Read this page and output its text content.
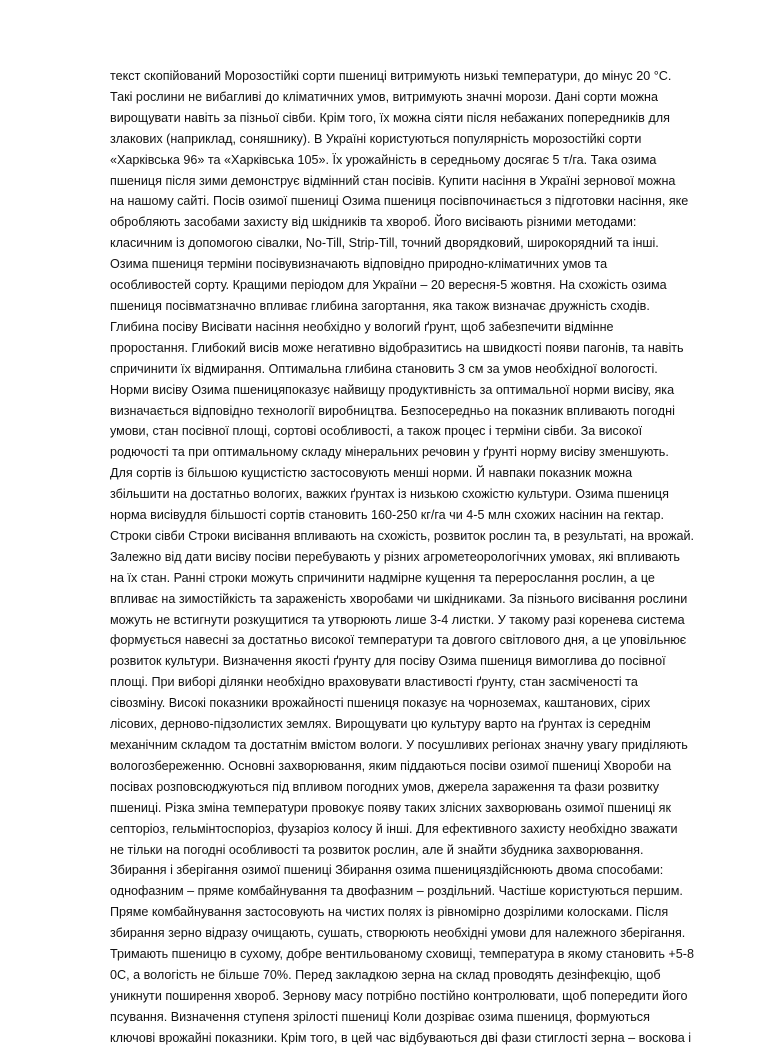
текст скопійований Морозостійкі сорти пшениці витримують низькі температури, до мінус 20 °С.
Такі рослини не вибагливі до кліматичних умов, витримують значні морози. Дані сорти можна
вирощувати навіть за пізньої сівби. Крім того, їх можна сіяти після небажаних попередників для
злакових (наприклад, соняшнику). В Україні користуються популярність морозостійкі сорти
«Харківська 96» та «Харківська 105». Їх урожайність в середньому досягає 5 т/га. Така озима
пшениця після зими демонструє відмінний стан посівів. Купити насіння в Україні зернової можна
на нашому сайті. Посів озимої пшениці Озима пшениця посівпочинається з підготовки насіння, яке
обробляють засобами захисту від шкідників та хвороб. Його висівають різними методами:
класичним із допомогою сівалки, No-Till, Strip-Till, точний дворядковий, широкорядний та інші.
Озима пшениця терміни посівувизначають відповідно природно-кліматичних умов та
особливостей сорту. Кращими періодом для України – 20 вересня-5 жовтня. На схожість озима
пшениця посівматзначно впливає глибина загортання, яка також визначає дружність сходів.
Глибина посіву Висівати насіння необхідно у вологий ґрунт, щоб забезпечити відмінне
проростання. Глибокий висів може негативно відобразитись на швидкості появи пагонів, та навіть
спричинити їх відмирання. Оптимальна глибина становить 3 см за умов необхідної вологості.
Норми висіву Озима пшеницяпоказує найвищу продуктивність за оптимальної норми висіву, яка
визначається відповідно технології виробництва. Безпосередньо на показник впливають погодні
умови, стан посівної площі, сортові особливості, а також процес і терміни сівби. За високої
родючості та при оптимальному складу мінеральних речовин у ґрунті норму висіву зменшують.
Для сортів із більшою кущистістю застосовують менші норми. Й навпаки показник можна
збільшити на достатньо вологих, важких ґрунтах із низькою схожістю культури. Озима пшениця
норма висівудля більшості сортів становить 160-250 кг/га чи 4-5 млн схожих насінин на гектар.
Строки сівби Строки висівання впливають на схожість, розвиток рослин та, в результаті, на врожай.
Залежно від дати висіву посіви перебувають у різних агрометеорологічних умовах, які впливають
на їх стан. Ранні строки можуть спричинити надмірне кущення та перерослання рослин, а це
впливає на зимостійкість та зараженість хворобами чи шкідниками. За пізнього висівання рослини
можуть не встигнути розкущитися та утворюють лише 3-4 листки. У такому разі коренева система
формується навесні за достатньо високої температури та довгого світлового дня, а це уповільнює
розвиток культури. Визначення якості ґрунту для посіву Озима пшениця вимоглива до посівної
площі. При виборі ділянки необхідно враховувати властивості ґрунту, стан засміченості та
сівозміну. Високі показники врожайності пшениця показує на чорноземах, каштанових, сірих
лісових, дерново-підзолистих землях. Вирощувати цю культуру варто на ґрунтах із середнім
механічним складом та достатнім вмістом вологи. У посушливих регіонах значну увагу приділяють
вологозбереженню. Основні захворювання, яким піддаються посіви озимої пшениці Хвороби на
посівах розповсюджуються під впливом погодних умов, джерела зараження та фази розвитку
пшениці. Різка зміна температури провокує появу таких злісних захворювань озимої пшениці як
септоріоз, гельмінтоспоріоз, фузаріоз колосу й інші. Для ефективного захисту необхідно зважати
не тільки на погодні особливості та розвиток рослин, але й знайти збудника захворювання.
Збирання і зберігання озимої пшениці Збирання озима пшеницяздійснюють двома способами:
однофазним – пряме комбайнування та двофазним – роздільний. Частіше користуються першим.
Пряме комбайнування застосовують на чистих полях із рівномірно дозрілими колосками. Після
збирання зерно відразу очищають, сушать, створюють необхідні умови для належного зберігання.
Тримають пшеницю в сухому, добре вентильованому сховищі, температура в якому становить +5-8
0С, а вологість не більше 70%. Перед закладкою зерна на склад проводять дезінфекцію, щоб
уникнути поширення хвороб. Зернову масу потрібно постійно контролювати, щоб попередити його
псування. Визначення ступеня зрілості пшениці Коли дозріває озима пшениця, формуються
ключові врожайні показники. Крім того, в цей час відбуваються дві фази стиглості зерна – воскова і
